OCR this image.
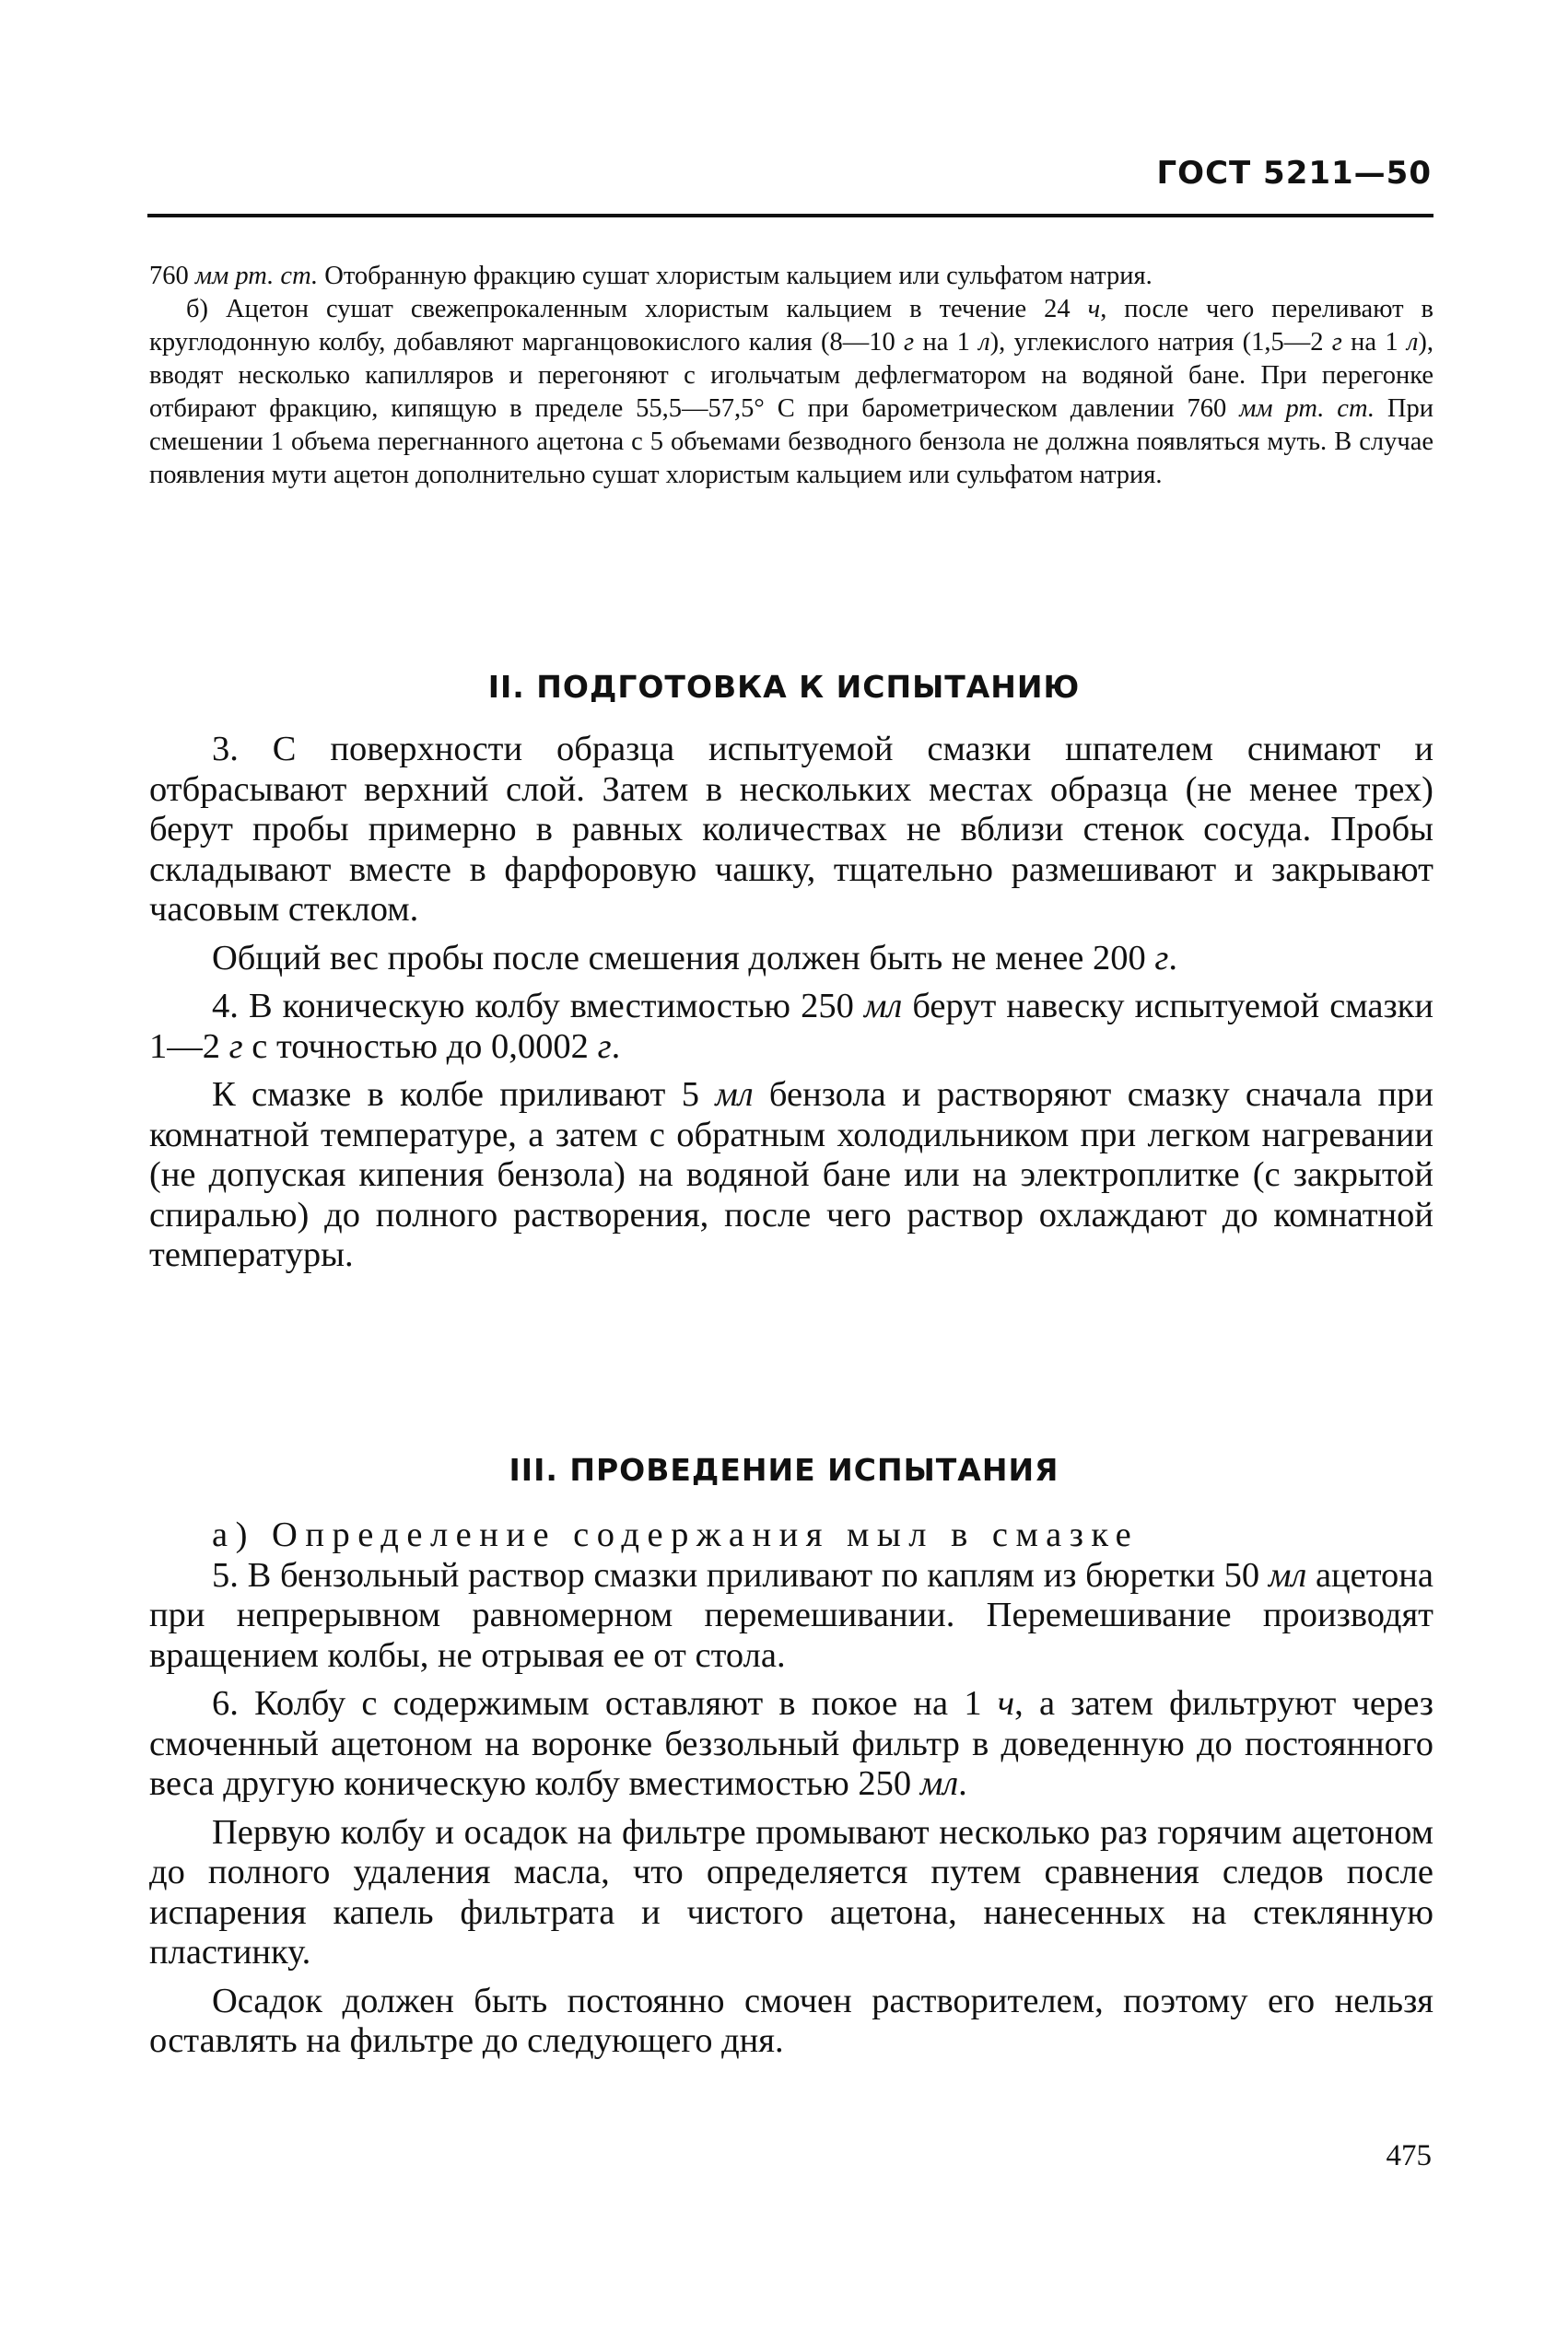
ГОСТ 5211—50

760 мм рт. ст. Отобранную фракцию сушат хлористым кальцием или сульфатом натрия.

б) Ацетон сушат свежепрокаленным хлористым кальцием в течение 24 ч, после чего переливают в круглодонную колбу, добавляют марганцовокислого калия (8—10 г на 1 л), углекислого натрия (1,5—2 г на 1 л), вводят несколько капилляров и перегоняют с игольчатым дефлегматором на водяной бане. При перегонке отбирают фракцию, кипящую в пределе 55,5—57,5° С при барометрическом давлении 760 мм рт. ст. При смешении 1 объема перегнанного ацетона с 5 объемами безводного бензола не должна появляться муть. В случае появления мути ацетон дополнительно сушат хлористым кальцием или сульфатом натрия.

II. ПОДГОТОВКА К ИСПЫТАНИЮ

3. С поверхности образца испытуемой смазки шпателем снимают и отбрасывают верхний слой. Затем в нескольких местах образца (не менее трех) берут пробы примерно в равных количествах не вблизи стенок сосуда. Пробы складывают вместе в фарфоровую чашку, тщательно размешивают и закрывают часовым стеклом.

Общий вес пробы после смешения должен быть не менее 200 г.

4. В коническую колбу вместимостью 250 мл берут навеску испытуемой смазки 1—2 г с точностью до 0,0002 г.

К смазке в колбе приливают 5 мл бензола и растворяют смазку сначала при комнатной температуре, а затем с обратным холодильником при легком нагревании (не допуская кипения бензола) на водяной бане или на электроплитке (с закрытой спиралью) до полного растворения, после чего раствор охлаждают до комнатной температуры.

III. ПРОВЕДЕНИЕ ИСПЫТАНИЯ

а) Определение содержания мыл в смазке

5. В бензольный раствор смазки приливают по каплям из бюретки 50 мл ацетона при непрерывном равномерном перемешивании. Перемешивание производят вращением колбы, не отрывая ее от стола.

6. Колбу с содержимым оставляют в покое на 1 ч, а затем фильтруют через смоченный ацетоном на воронке беззольный фильтр в доведенную до постоянного веса другую коническую колбу вместимостью 250 мл.

Первую колбу и осадок на фильтре промывают несколько раз горячим ацетоном до полного удаления масла, что определяется путем сравнения следов после испарения капель фильтрата и чистого ацетона, нанесенных на стеклянную пластинку.

Осадок должен быть постоянно смочен растворителем, поэтому его нельзя оставлять на фильтре до следующего дня.

475
